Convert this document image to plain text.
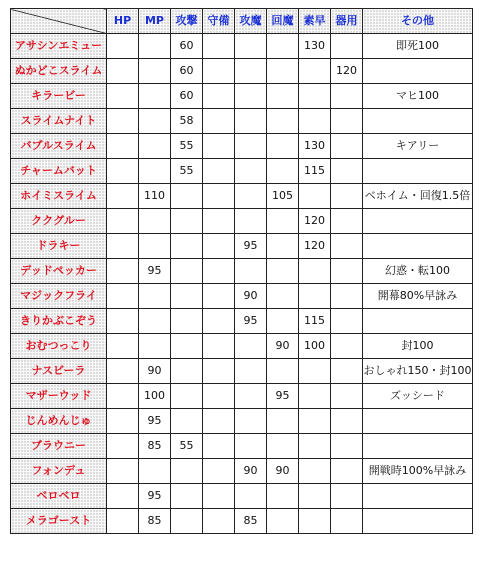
	HP	MP	攻撃	守備	攻魔	回魔	素早	器用	その他
アサシンエミュー			60				130		即死100
ぬかどこスライム			60					120	
キラービー			60						マヒ100
スライムナイト			58						
バブルスライム			55				130		キアリー
チャームバット			55				115		
ホイミスライム		110				105			ベホイム・回復1.5倍
ククグルー							120		
ドラキー					95		120		
デッドペッカー		95							幻惑・転100
マジックフライ					90				開幕80%早詠み
きりかぶこぞう					95		115		
おむつっこり						90	100		封100
ナスビーラ		90							おしゃれ150・封100
マザーウッド		100				95			ズッシード
じんめんじゅ		95							
ブラウニー		85	55						
フォンデュ					90	90			開戦時100%早詠み
ベロベロ		95							
メラゴースト		85			85				
